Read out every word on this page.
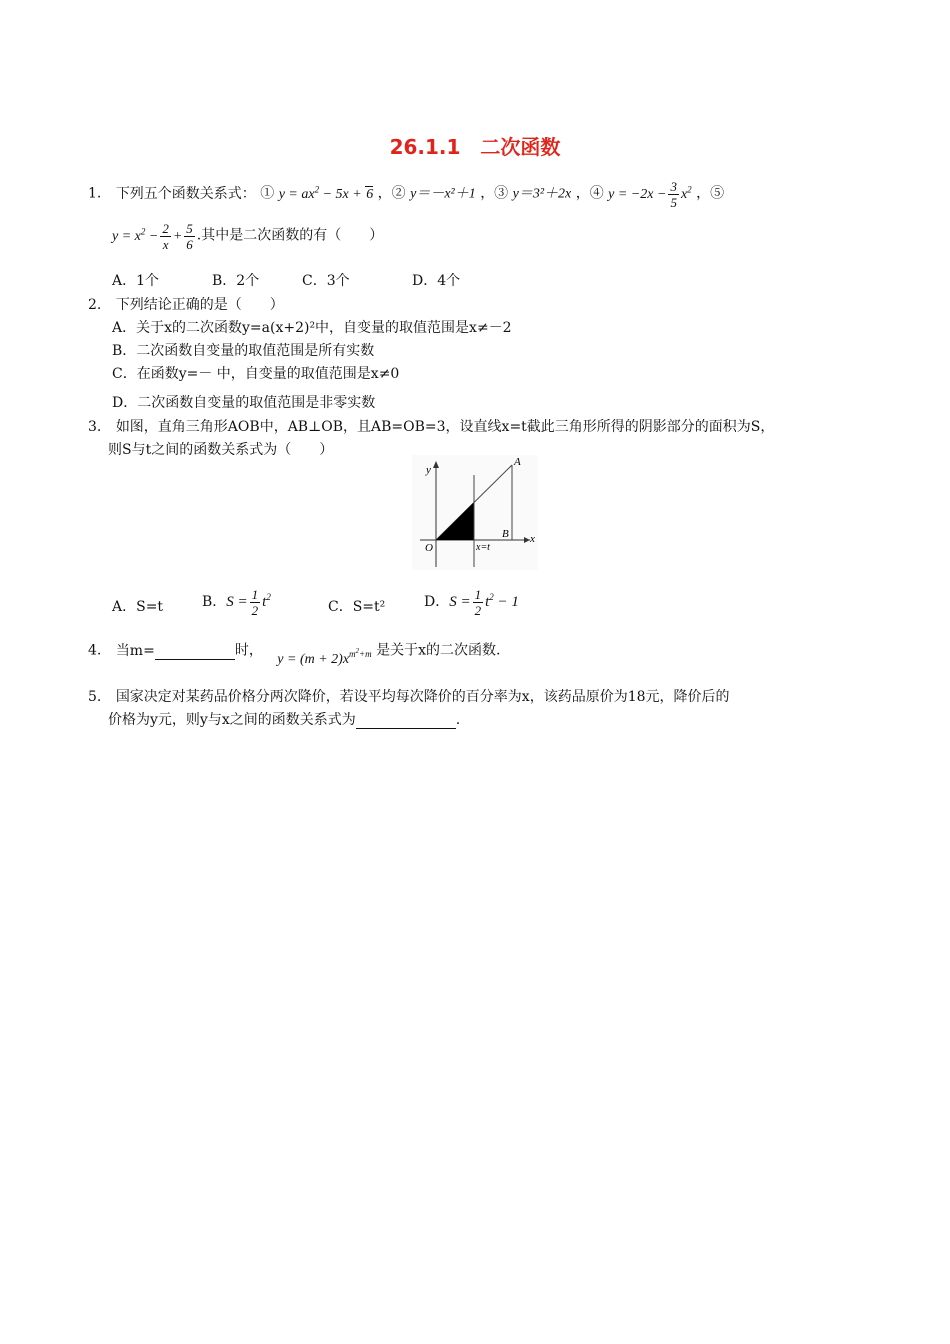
26.1.1　二次函数
1. 下列五个函数关系式： ① $y = ax^2 - 5x + 6$ ，② y＝－x²＋1 ，③ y＝3²＋2x ，④ $y = -2x - \frac{3}{5} x^2$ ，⑤
$y = x^2 - \frac{2}{x} + \frac{5}{6}$ .其中是二次函数的有（　　）
A．1个	B．2个	C．3个	D．4个
2. 下列结论正确的是（　　）
A．关于x的二次函数y=a(x+2)²中，自变量的取值范围是x≠－2
B．二次函数自变量的取值范围是所有实数
C．在函数y=－ 中，自变量的取值范围是x≠0
D．二次函数自变量的取值范围是非零实数
3. 如图，直角三角形AOB中，AB⊥OB，且AB=OB=3，设直线x=t截此三角形所得的阴影部分的面积为S，
则S与t之间的函数关系式为（　　）
y
x
O
A
B
x=t
A．S=t	B．$S = \frac{1}{2} t^2$
C．S=t²	D．$S = \frac{1}{2} t^2 - 1$
4. 当m=	时， $y = (m + 2)x^{m^2+m}$ 是关于x的二次函数.
5. 国家决定对某药品价格分两次降价，若设平均每次降价的百分率为x，该药品原价为18元，降价后的
价格为y元，则y与x之间的函数关系式为	.
